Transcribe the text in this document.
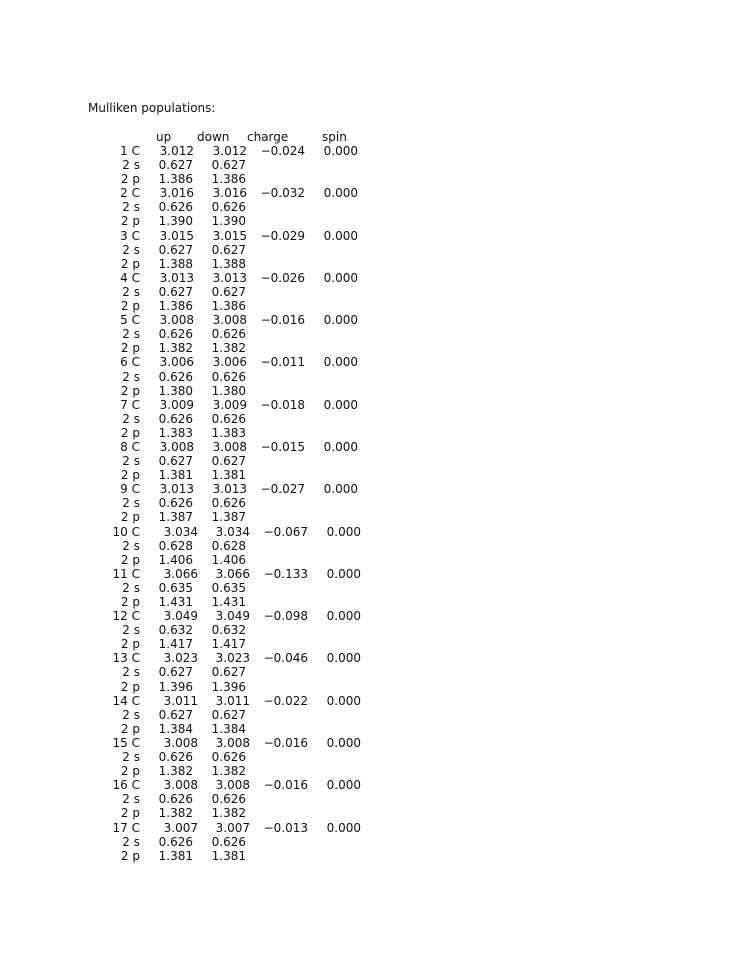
Mulliken populations:
up down charge	spin
1 C 3.012 3.012 −0.024 0.000
2 s 0.627 0.627
2 p 1.386 1.386
2 C 3.016 3.016 −0.032 0.000
2 s 0.626 0.626
2 p 1.390 1.390
3 C 3.015 3.015 −0.029 0.000
2 s 0.627 0.627
2 p 1.388 1.388
4 C 3.013 3.013 −0.026 0.000
2 s 0.627 0.627
2 p 1.386 1.386
5 C 3.008 3.008 −0.016 0.000
2 s 0.626 0.626
2 p 1.382 1.382
6 C 3.006 3.006 −0.011 0.000
2 s 0.626 0.626
2 p 1.380 1.380
7 C 3.009 3.009 −0.018 0.000
2 s 0.626 0.626
2 p 1.383 1.383
8 C 3.008 3.008 −0.015 0.000
2 s 0.627 0.627
2 p 1.381 1.381
9 C 3.013 3.013 −0.027 0.000
2 s 0.626 0.626
2 p 1.387 1.387
10 C 3.034 3.034 −0.067 0.000
2 s 0.628 0.628
2 p 1.406 1.406
11 C 3.066 3.066 −0.133 0.000
2 s 0.635 0.635
2 p 1.431 1.431
12 C 3.049 3.049 −0.098 0.000
2 s 0.632 0.632
2 p 1.417 1.417
13 C 3.023 3.023 −0.046 0.000
2 s 0.627 0.627
2 p 1.396 1.396
14 C 3.011 3.011 −0.022 0.000
2 s 0.627 0.627
2 p 1.384 1.384
15 C 3.008 3.008 −0.016 0.000
2 s 0.626 0.626
2 p 1.382 1.382
16 C 3.008 3.008 −0.016 0.000
2 s 0.626 0.626
2 p 1.382 1.382
17 C 3.007 3.007 −0.013 0.000
2 s 0.626 0.626
2 p 1.381 1.381
